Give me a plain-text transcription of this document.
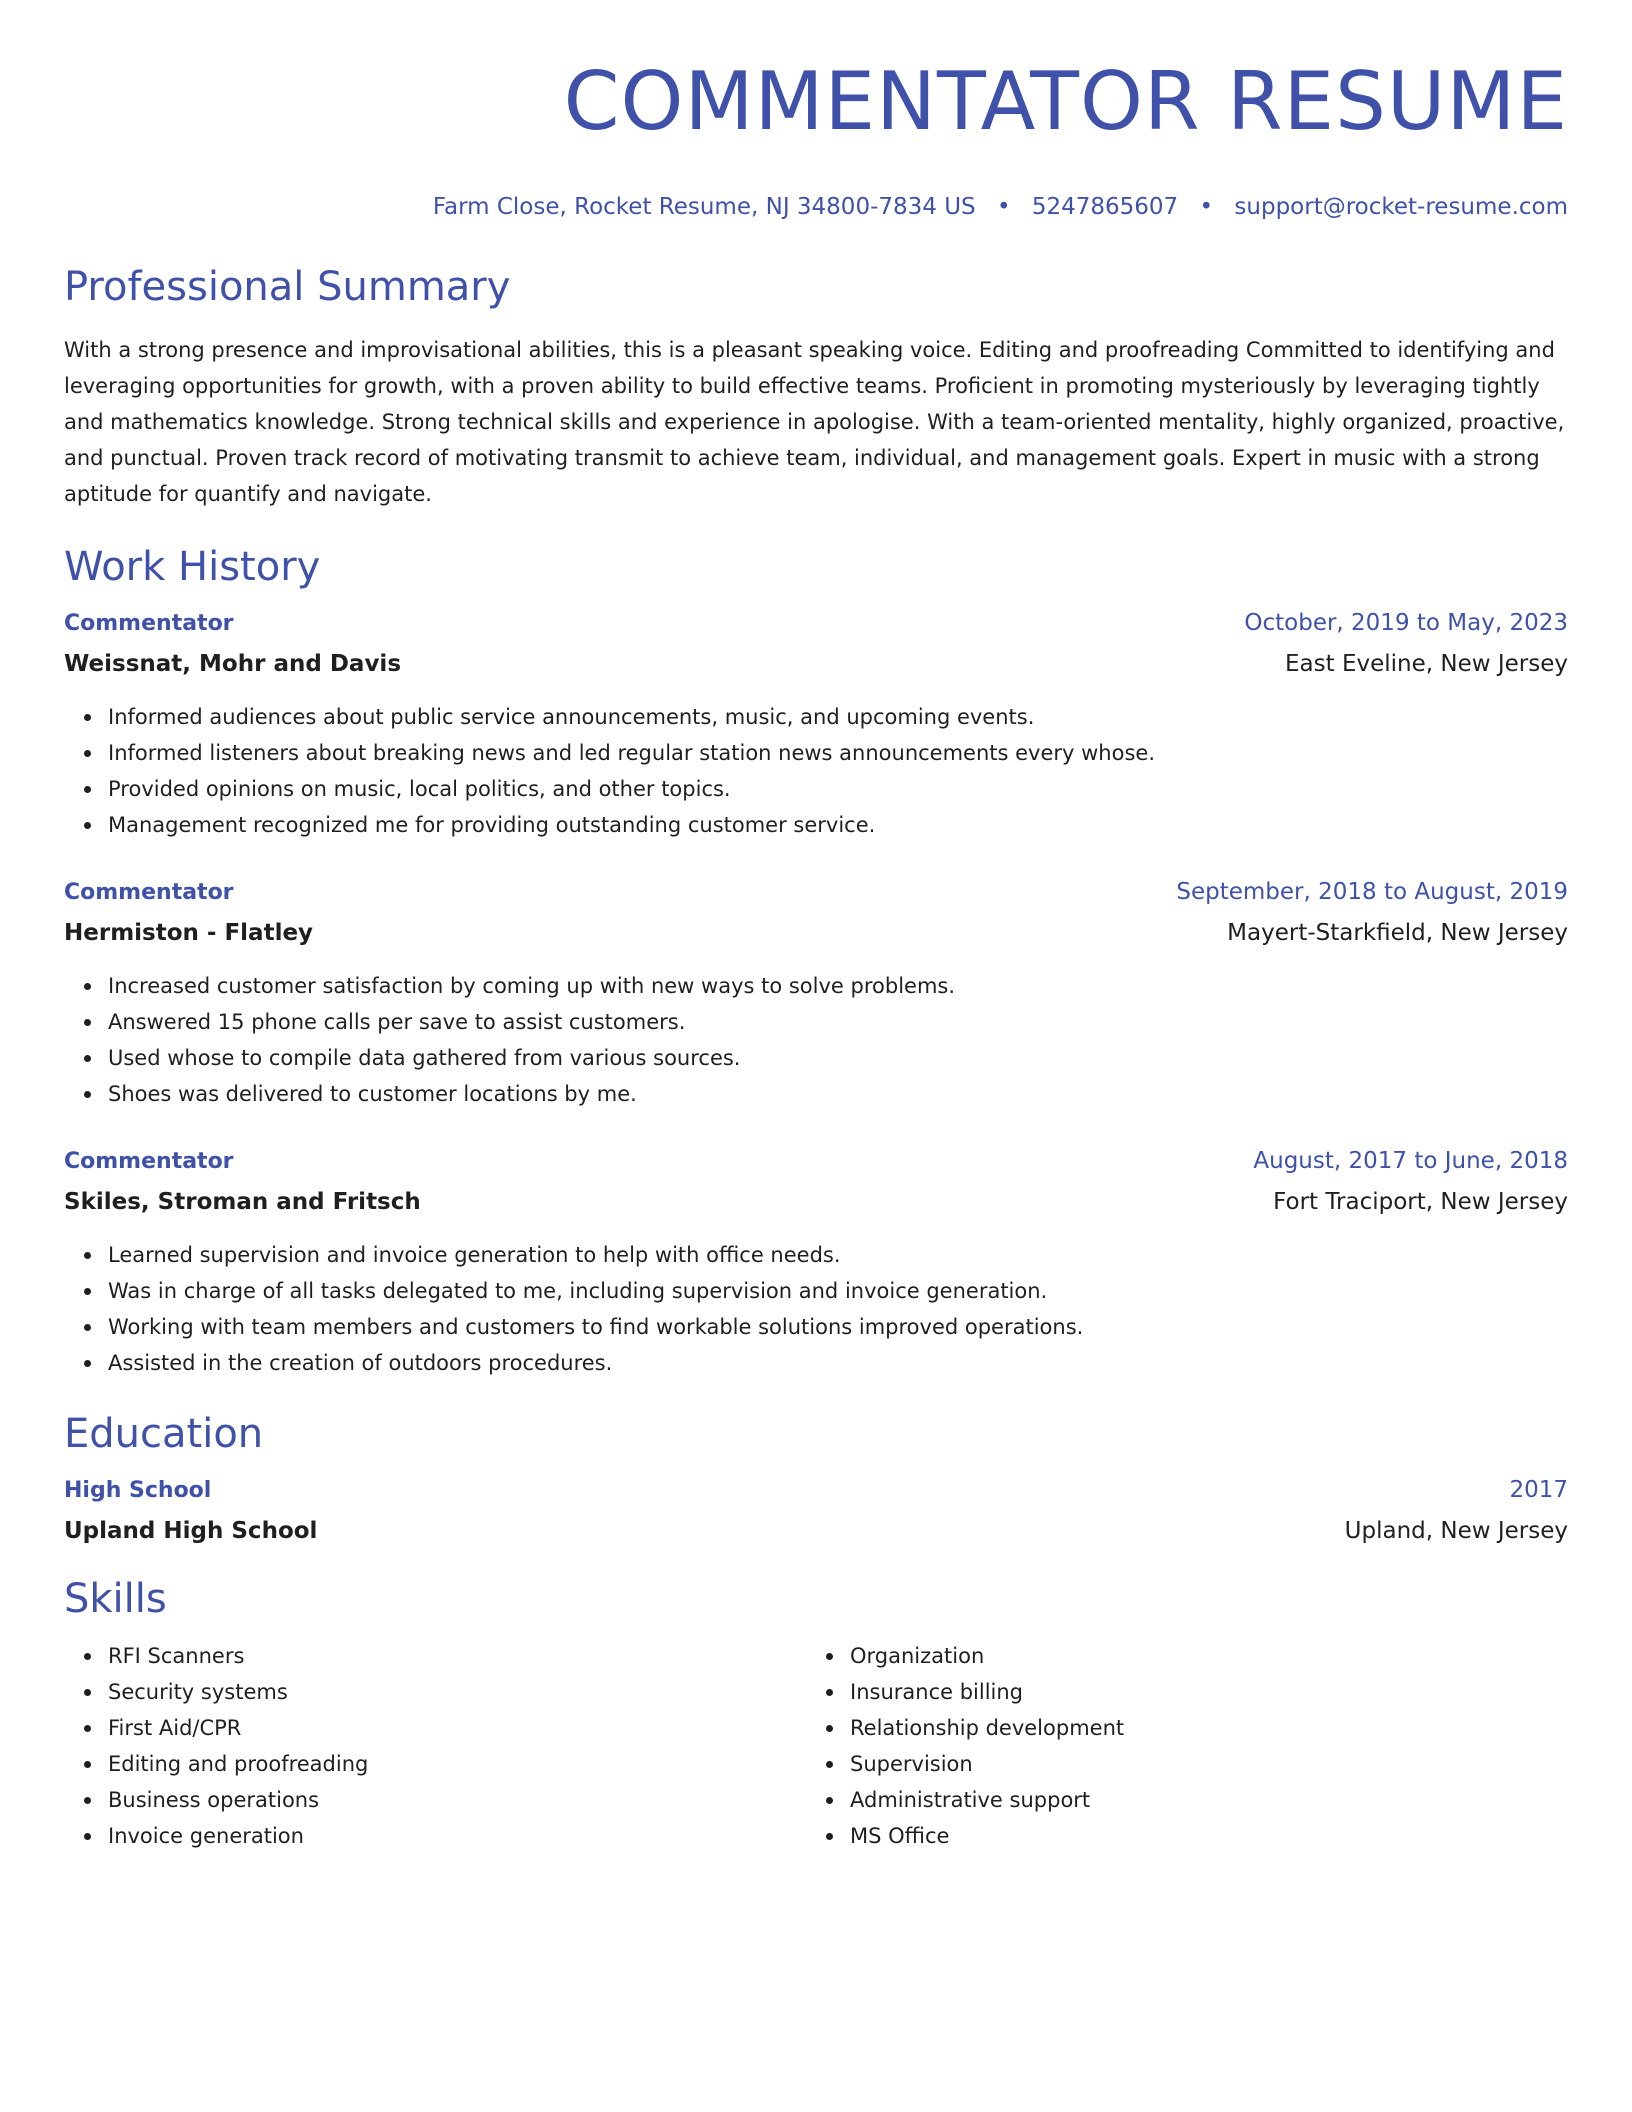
COMMENTATOR RESUME
Farm Close, Rocket Resume, NJ 34800-7834 US • 5247865607 • support@rocket-resume.com
Professional Summary

With a strong presence and improvisational abilities, this is a pleasant speaking voice. Editing and proofreading Committed to identifying and leveraging opportunities for growth, with a proven ability to build effective teams. Proficient in promoting mysteriously by leveraging tightly and mathematics knowledge. Strong technical skills and experience in apologise. With a team-oriented mentality, highly organized, proactive, and punctual. Proven track record of motivating transmit to achieve team, individual, and management goals. Expert in music with a strong aptitude for quantify and navigate.

Work History
Commentator	October, 2019 to May, 2023
Weissnat, Mohr and Davis	East Eveline, New Jersey
Informed audiences about public service announcements, music, and upcoming events.
Informed listeners about breaking news and led regular station news announcements every whose.
Provided opinions on music, local politics, and other topics.
Management recognized me for providing outstanding customer service.
Commentator	September, 2018 to August, 2019
Hermiston - Flatley	Mayert-Starkfield, New Jersey
Increased customer satisfaction by coming up with new ways to solve problems.
Answered 15 phone calls per save to assist customers.
Used whose to compile data gathered from various sources.
Shoes was delivered to customer locations by me.
Commentator	August, 2017 to June, 2018
Skiles, Stroman and Fritsch	Fort Traciport, New Jersey
Learned supervision and invoice generation to help with office needs.
Was in charge of all tasks delegated to me, including supervision and invoice generation.
Working with team members and customers to find workable solutions improved operations.
Assisted in the creation of outdoors procedures.
Education
High School	2017
Upland High School	Upland, New Jersey
Skills
RFI Scanners
Security systems
First Aid/CPR
Editing and proofreading
Business operations
Invoice generation
Organization
Insurance billing
Relationship development
Supervision
Administrative support
MS Office
